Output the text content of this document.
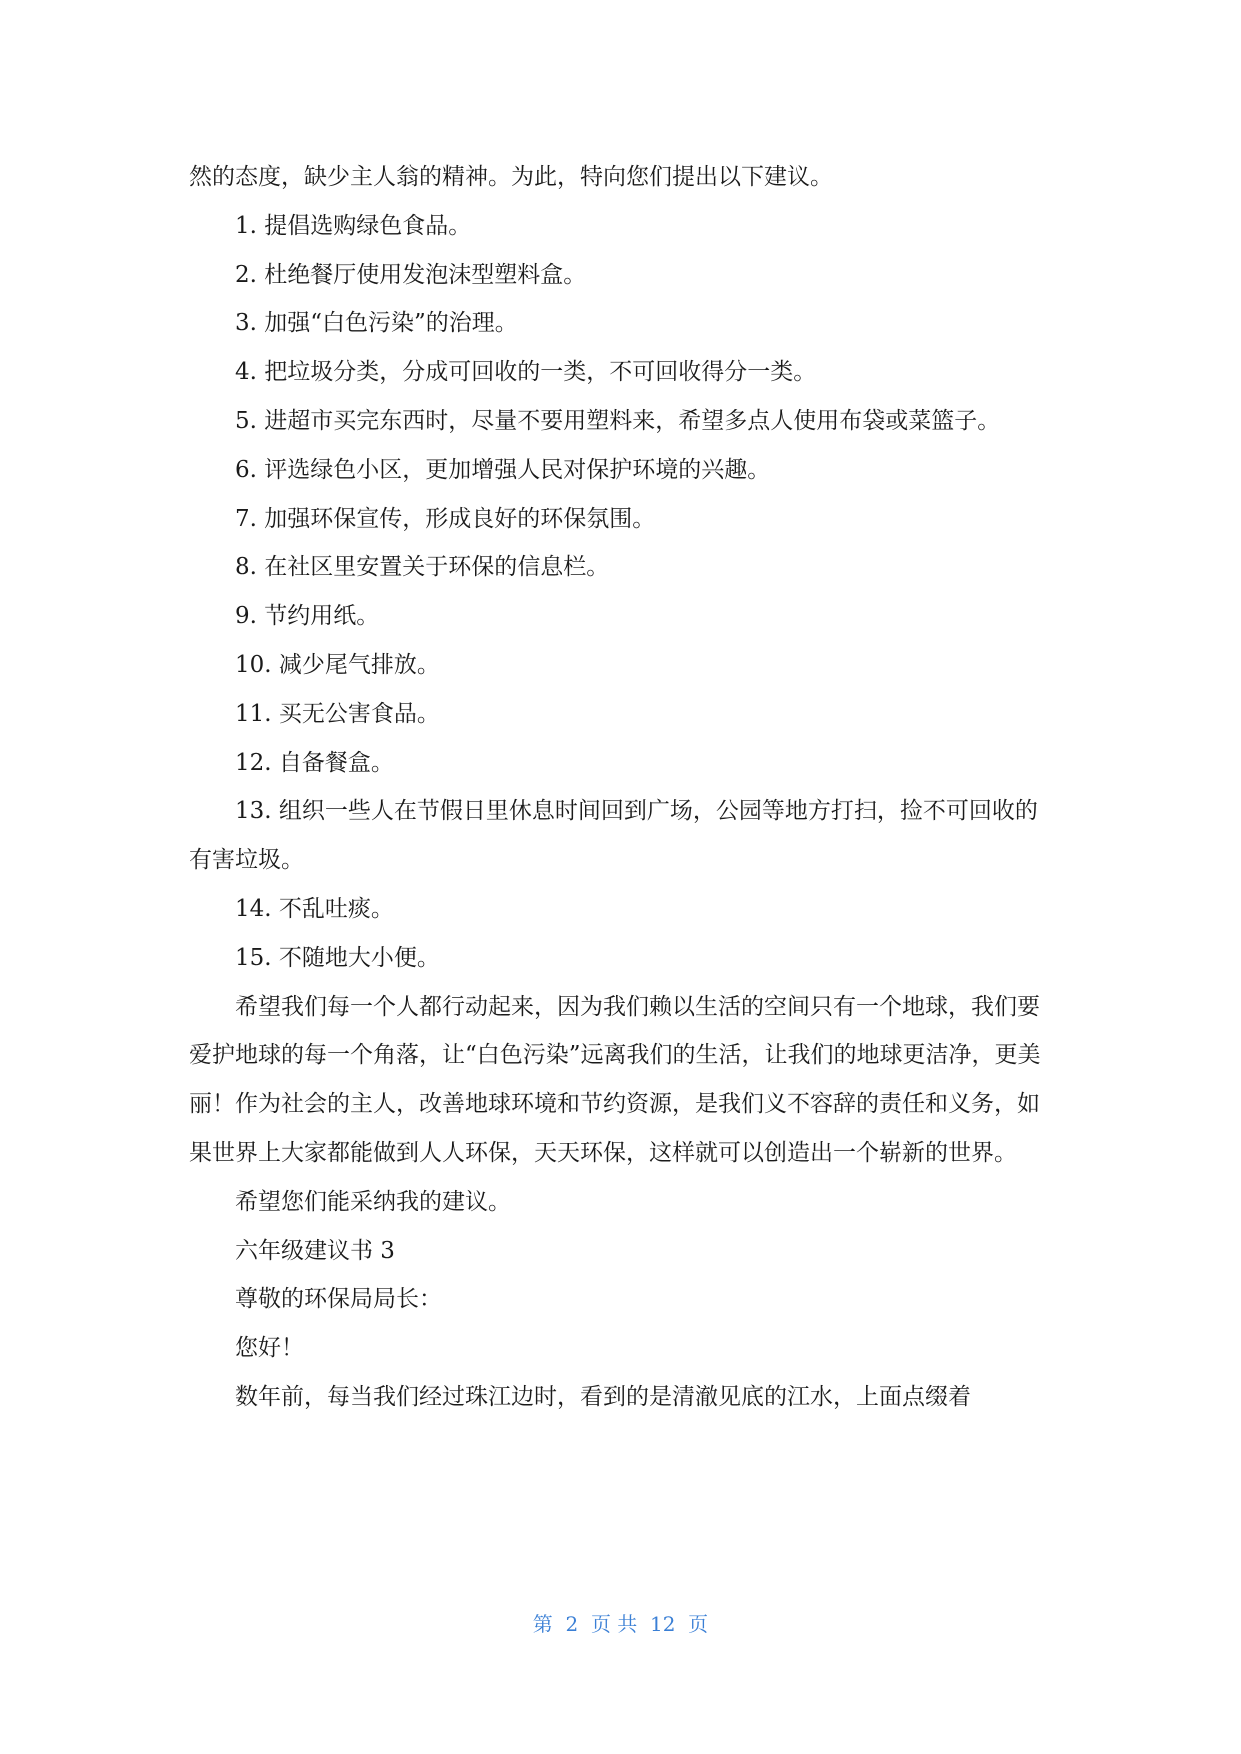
然的态度，缺少主人翁的精神。为此，特向您们提出以下建议。

1. 提倡选购绿色食品。

2. 杜绝餐厅使用发泡沫型塑料盒。

3. 加强“白色污染”的治理。

4. 把垃圾分类，分成可回收的一类，不可回收得分一类。

5. 进超市买完东西时，尽量不要用塑料来，希望多点人使用布袋或菜篮子。

6. 评选绿色小区，更加增强人民对保护环境的兴趣。

7. 加强环保宣传，形成良好的环保氛围。

8. 在社区里安置关于环保的信息栏。

9. 节约用纸。

10. 减少尾气排放。

11. 买无公害食品。

12. 自备餐盒。

13. 组织一些人在节假日里休息时间回到广场，公园等地方打扫，捡不可回收的有害垃圾。

14. 不乱吐痰。

15. 不随地大小便。

希望我们每一个人都行动起来，因为我们赖以生活的空间只有一个地球，我们要爱护地球的每一个角落，让“白色污染”远离我们的生活，让我们的地球更洁净，更美丽！作为社会的主人，改善地球环境和节约资源，是我们义不容辞的责任和义务，如果世界上大家都能做到人人环保，天天环保，这样就可以创造出一个崭新的世界。

希望您们能采纳我的建议。

六年级建议书 3

尊敬的环保局局长：

您好！

数年前，每当我们经过珠江边时，看到的是清澈见底的江水，上面点缀着

第  2  页 共  12  页
